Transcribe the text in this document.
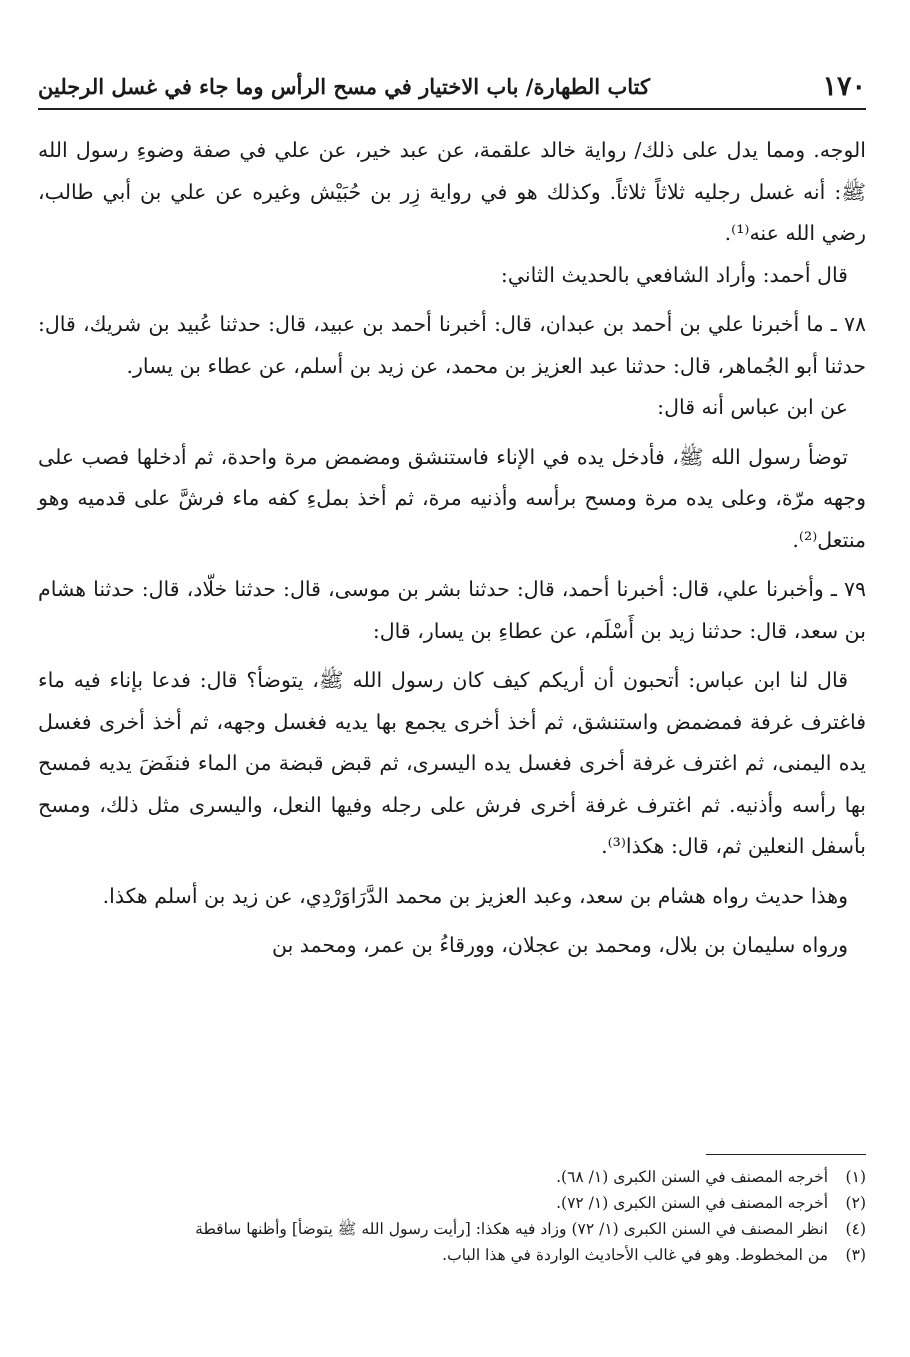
١٧٠
كتاب الطهارة/ باب الاختيار في مسح الرأس وما جاء في غسل الرجلين

الوجه. ومما يدل على ذلك/ رواية خالد علقمة، عن عبد خير، عن علي في صفة وضوءِ رسول الله ﷺ: أنه غسل رجليه ثلاثاً ثلاثاً. وكذلك هو في رواية زِر بن حُبَيْش وغيره عن علي بن أبي طالب، رضي الله عنه⁽¹⁾.

قال أحمد: وأراد الشافعي بالحديث الثاني:

٧٨ ـ ما أخبرنا علي بن أحمد بن عبدان، قال: أخبرنا أحمد بن عبيد، قال: حدثنا عُبيد بن شريك، قال: حدثنا أبو الجُماهر، قال: حدثنا عبد العزيز بن محمد، عن زيد بن أسلم، عن عطاء بن يسار.

عن ابن عباس أنه قال:

توضأ رسول الله ﷺ، فأدخل يده في الإناء فاستنشق ومضمض مرة واحدة، ثم أدخلها فصب على وجهه مرّة، وعلى يده مرة ومسح برأسه وأذنيه مرة، ثم أخذ بملءِ كفه ماء فرشَّ على قدميه وهو منتعل⁽²⁾.

٧٩ ـ وأخبرنا علي، قال: أخبرنا أحمد، قال: حدثنا بشر بن موسى، قال: حدثنا خلّاد، قال: حدثنا هشام بن سعد، قال: حدثنا زيد بن أَسْلَم، عن عطاءِ بن يسار، قال:

قال لنا ابن عباس: أتحبون أن أريكم كيف كان رسول الله ﷺ، يتوضأ؟ قال: فدعا بإناء فيه ماء فاغترف غرفة فمضمض واستنشق، ثم أخذ أخرى يجمع بها يديه فغسل وجهه، ثم أخذ أخرى فغسل يده اليمنى، ثم اغترف غرفة أخرى فغسل يده اليسرى، ثم قبض قبضة من الماء فنفَضَ يديه فمسح بها رأسه وأذنيه. ثم اغترف غرفة أخرى فرش على رجله وفيها النعل، واليسرى مثل ذلك، ومسح بأسفل النعلين ثم، قال: هكذا⁽³⁾.

وهذا حديث رواه هشام بن سعد، وعبد العزيز بن محمد الدَّرَاوَرْدِي، عن زيد بن أسلم هكذا.

ورواه سليمان بن بلال، ومحمد بن عجلان، وورقاءُ بن عمر، ومحمد بن

(١)أخرجه المصنف في السنن الكبرى (١/ ٦٨).

(٢)أخرجه المصنف في السنن الكبرى (١/ ٧٢).

(٤)انظر المصنف في السنن الكبرى (١/ ٧٢) وزاد فيه هكذا: [رأيت رسول الله ﷺ يتوضأ] وأظنها ساقطة

(٣)من المخطوط. وهو في غالب الأحاديث الواردة في هذا الباب.
